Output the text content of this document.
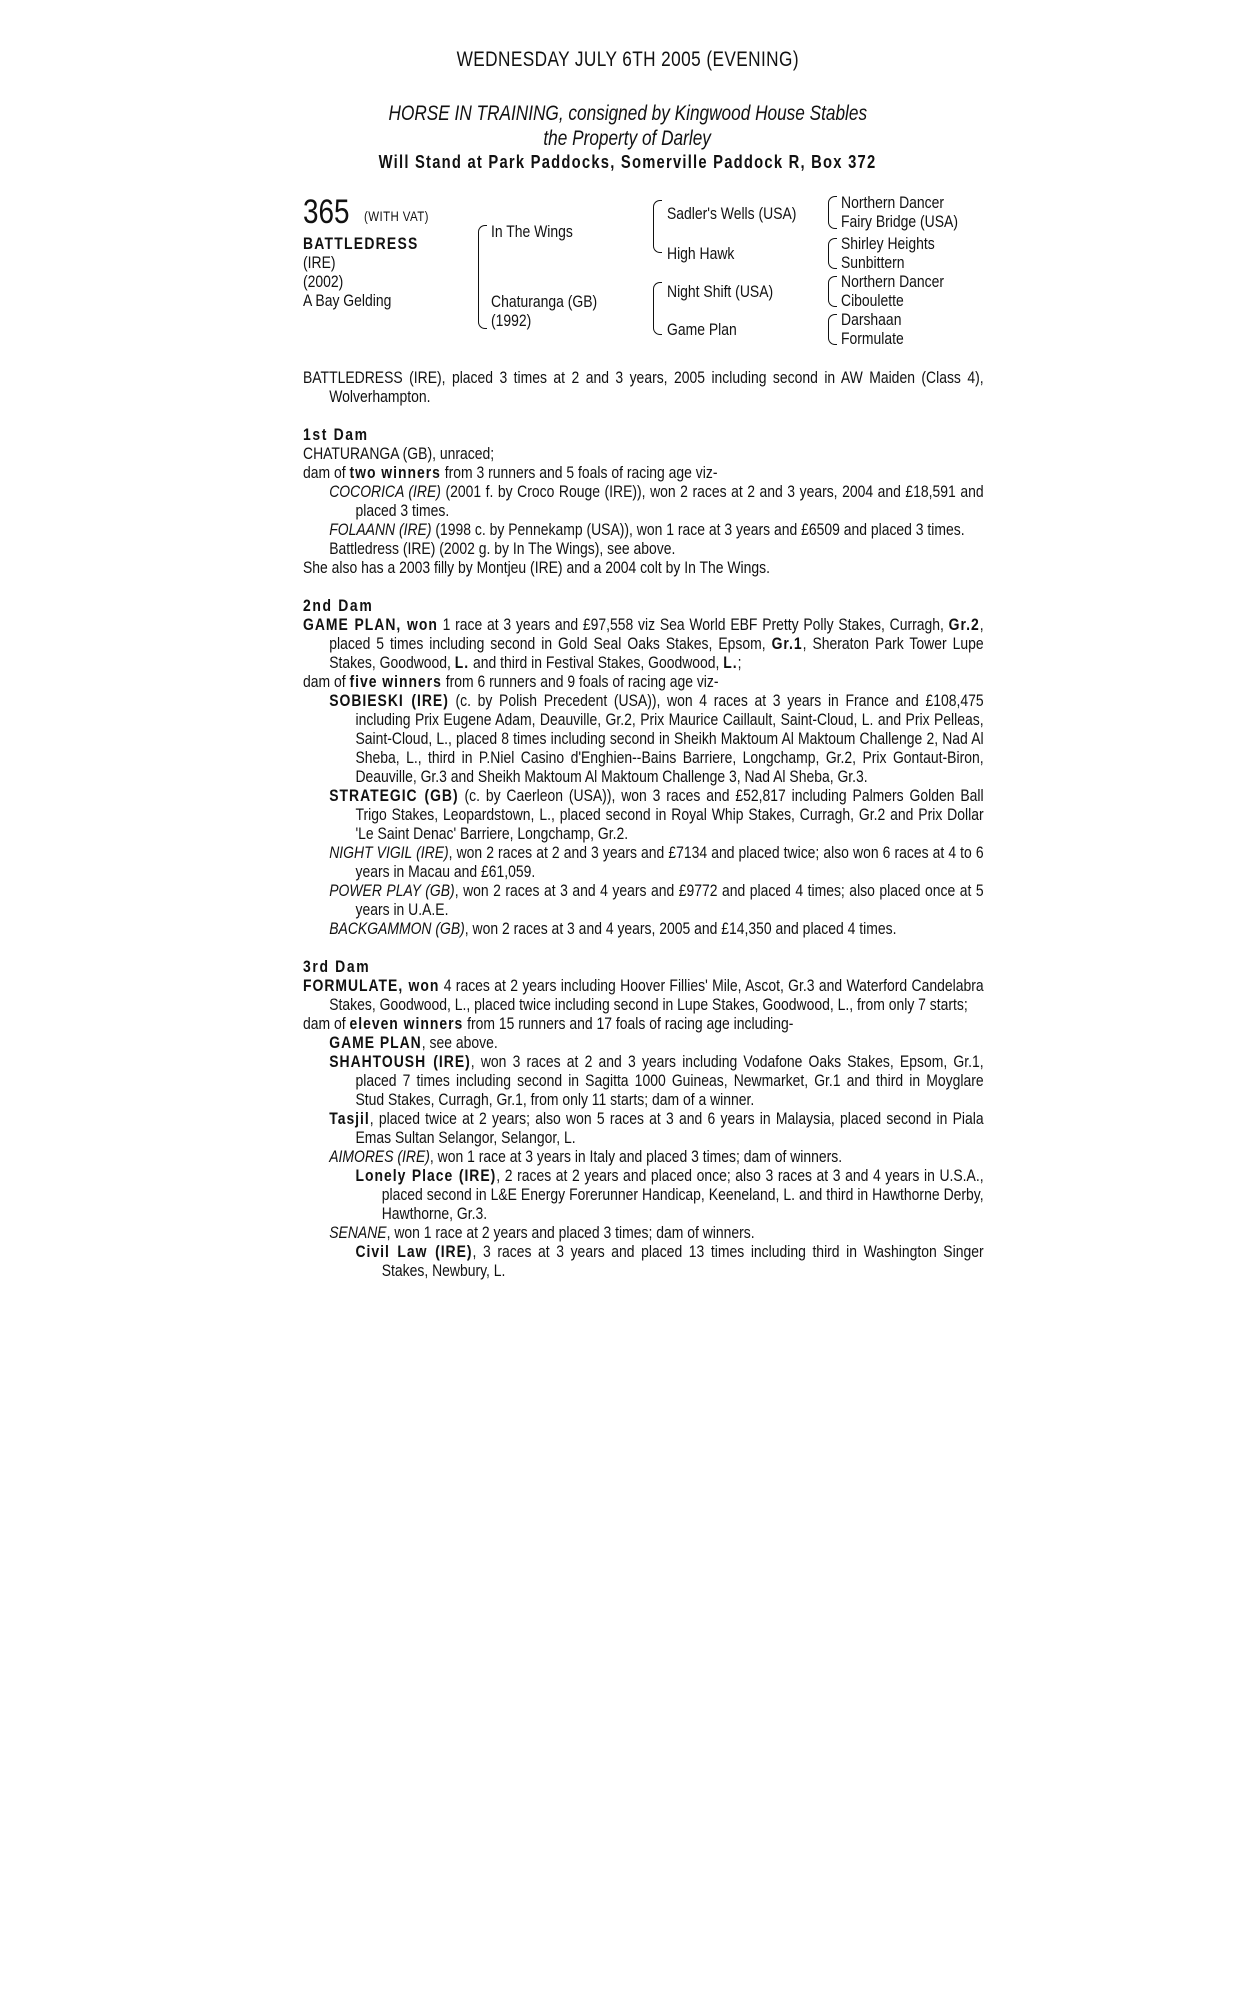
WEDNESDAY JULY 6TH 2005 (EVENING)
HORSE IN TRAINING, consigned by Kingwood House Stables
the Property of Darley
Will Stand at Park Paddocks, Somerville Paddock R, Box 372
365 (WITH VAT)
BATTLEDRESS
(IRE)
(2002)
A Bay Gelding
In The Wings
Chaturanga (GB)
(1992)
Sadler's Wells (USA)
High Hawk
Night Shift (USA)
Game Plan
Northern Dancer
Fairy Bridge (USA)
Shirley Heights
Sunbittern
Northern Dancer
Ciboulette
Darshaan
Formulate

BATTLEDRESS (IRE), placed 3 times at 2 and 3 years, 2005 including second in AW Maiden (Class 4), Wolverhampton.

1st Dam

CHATURANGA (GB), unraced;

dam of two winners from 3 runners and 5 foals of racing age viz-

COCORICA (IRE) (2001 f. by Croco Rouge (IRE)), won 2 races at 2 and 3 years, 2004 and £18,591 and placed 3 times.

FOLAANN (IRE) (1998 c. by Pennekamp (USA)), won 1 race at 3 years and £6509 and placed 3 times.

Battledress (IRE) (2002 g. by In The Wings), see above.

She also has a 2003 filly by Montjeu (IRE) and a 2004 colt by In The Wings.

2nd Dam

GAME PLAN, won 1 race at 3 years and £97,558 viz Sea World EBF Pretty Polly Stakes, Curragh, Gr.2, placed 5 times including second in Gold Seal Oaks Stakes, Epsom, Gr.1, Sheraton Park Tower Lupe Stakes, Goodwood, L. and third in Festival Stakes, Goodwood, L.;

dam of five winners from 6 runners and 9 foals of racing age viz-

SOBIESKI (IRE) (c. by Polish Precedent (USA)), won 4 races at 3 years in France and £108,475 including Prix Eugene Adam, Deauville, Gr.2, Prix Maurice Caillault, Saint-Cloud, L. and Prix Pelleas, Saint-Cloud, L., placed 8 times including second in Sheikh Maktoum Al Maktoum Challenge 2, Nad Al Sheba, L., third in P.Niel Casino d'Enghien--Bains Barriere, Longchamp, Gr.2, Prix Gontaut-Biron, Deauville, Gr.3 and Sheikh Maktoum Al Maktoum Challenge 3, Nad Al Sheba, Gr.3.

STRATEGIC (GB) (c. by Caerleon (USA)), won 3 races and £52,817 including Palmers Golden Ball Trigo Stakes, Leopardstown, L., placed second in Royal Whip Stakes, Curragh, Gr.2 and Prix Dollar 'Le Saint Denac' Barriere, Longchamp, Gr.2.

NIGHT VIGIL (IRE), won 2 races at 2 and 3 years and £7134 and placed twice; also won 6 races at 4 to 6 years in Macau and £61,059.

POWER PLAY (GB), won 2 races at 3 and 4 years and £9772 and placed 4 times; also placed once at 5 years in U.A.E.

BACKGAMMON (GB), won 2 races at 3 and 4 years, 2005 and £14,350 and placed 4 times.

3rd Dam

FORMULATE, won 4 races at 2 years including Hoover Fillies' Mile, Ascot, Gr.3 and Waterford Candelabra Stakes, Goodwood, L., placed twice including second in Lupe Stakes, Goodwood, L., from only 7 starts;

dam of eleven winners from 15 runners and 17 foals of racing age including-

GAME PLAN, see above.

SHAHTOUSH (IRE), won 3 races at 2 and 3 years including Vodafone Oaks Stakes, Epsom, Gr.1, placed 7 times including second in Sagitta 1000 Guineas, Newmarket, Gr.1 and third in Moyglare Stud Stakes, Curragh, Gr.1, from only 11 starts; dam of a winner.

Tasjil, placed twice at 2 years; also won 5 races at 3 and 6 years in Malaysia, placed second in Piala Emas Sultan Selangor, Selangor, L.

AIMORES (IRE), won 1 race at 3 years in Italy and placed 3 times; dam of winners.

Lonely Place (IRE), 2 races at 2 years and placed once; also 3 races at 3 and 4 years in U.S.A., placed second in L&E Energy Forerunner Handicap, Keeneland, L. and third in Hawthorne Derby, Hawthorne, Gr.3.

SENANE, won 1 race at 2 years and placed 3 times; dam of winners.

Civil Law (IRE), 3 races at 3 years and placed 13 times including third in Washington Singer Stakes, Newbury, L.
